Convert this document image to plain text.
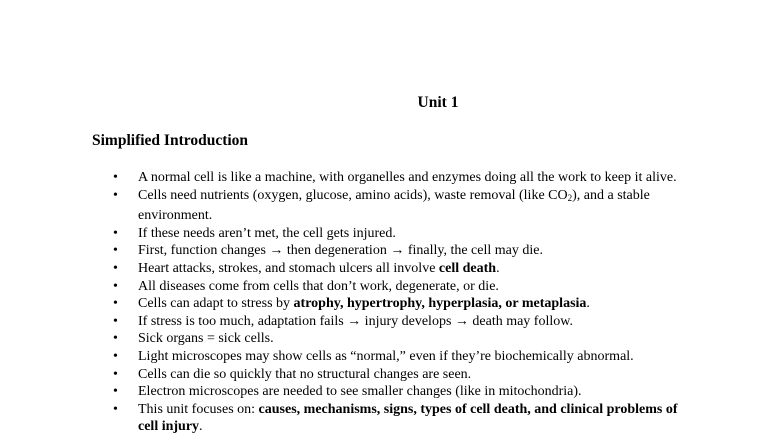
Unit 1
Simplified Introduction
• A normal cell is like a machine, with organelles and enzymes doing all the work to keep it alive.
• Cells need nutrients (oxygen, glucose, amino acids), waste removal (like $CO_2$), and a stable environment.
• If these needs aren’t met, the cell gets injured.
• First, function changes → then degeneration → finally, the cell may die.
• Heart attacks, strokes, and stomach ulcers all involve cell death.
• All diseases come from cells that don’t work, degenerate, or die.
• Cells can adapt to stress by atrophy, hypertrophy, hyperplasia, or metaplasia.
• If stress is too much, adaptation fails → injury develops → death may follow.
• Sick organs = sick cells.
• Light microscopes may show cells as “normal,” even if they’re biochemically abnormal.
• Cells can die so quickly that no structural changes are seen.
• Electron microscopes are needed to see smaller changes (like in mitochondria).
• This unit focuses on: causes, mechanisms, signs, types of cell death, and clinical problems of cell injury.
